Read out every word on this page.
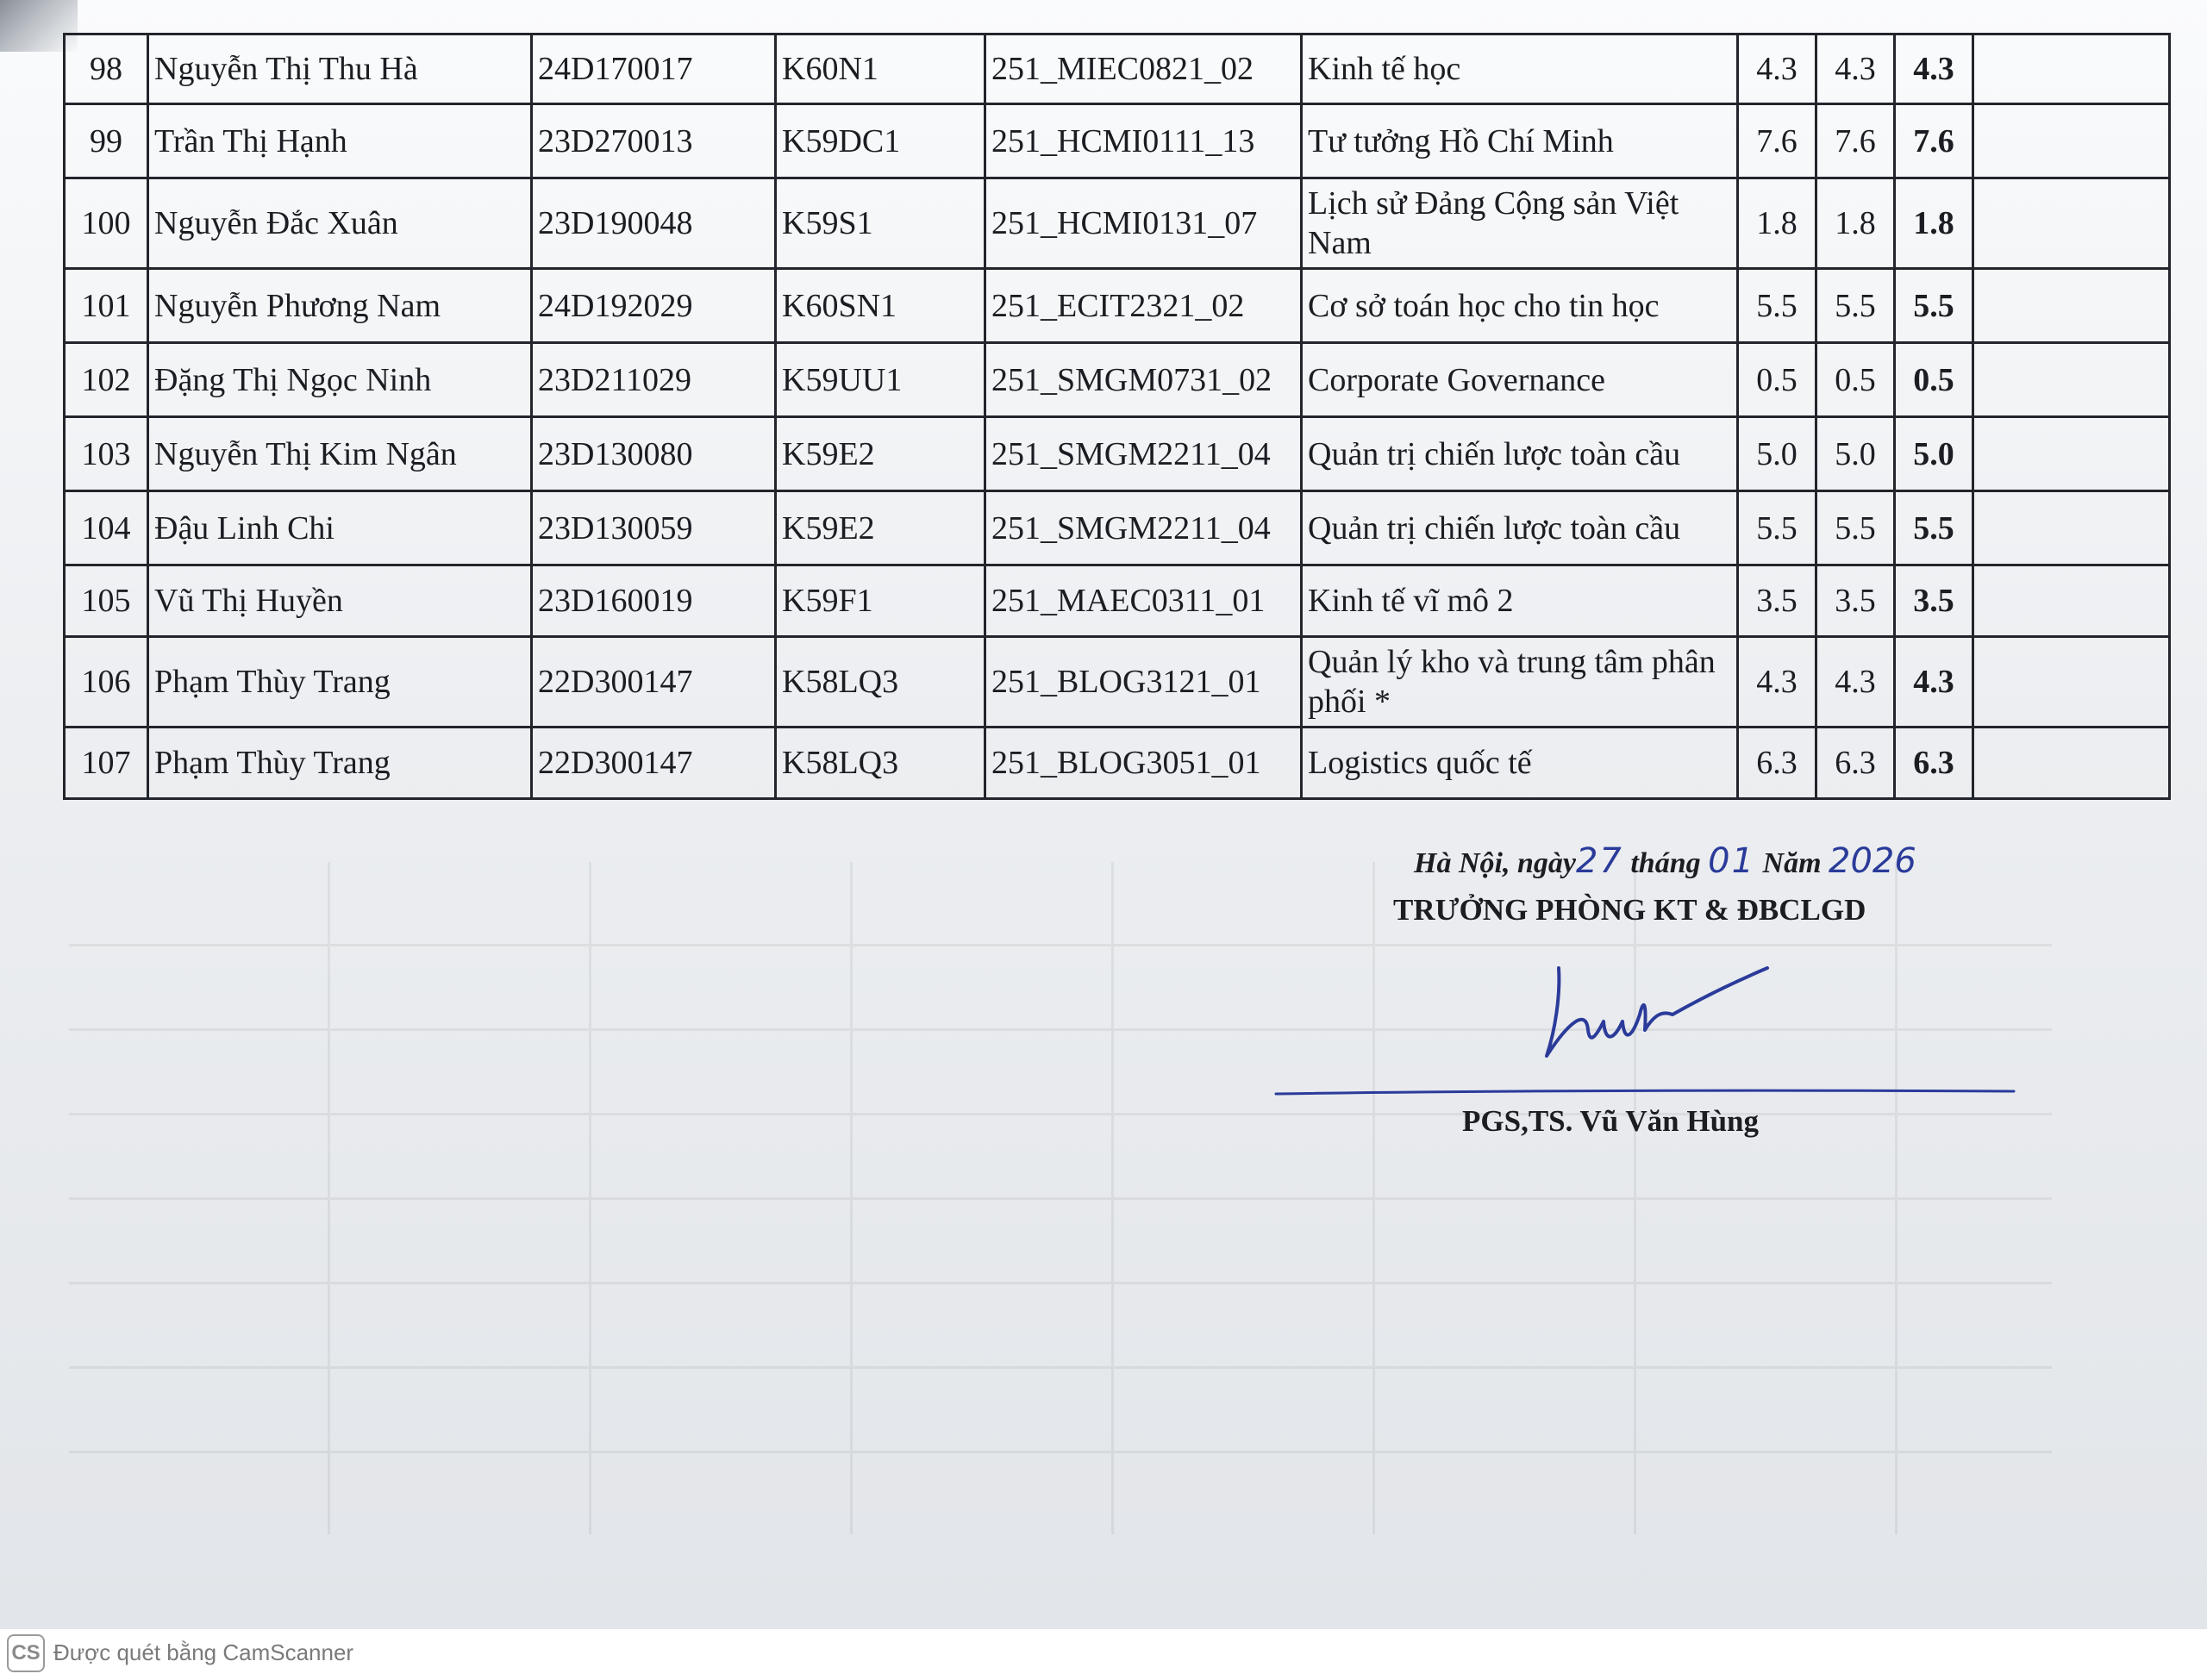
98	Nguyễn Thị Thu Hà	24D170017	K60N1	251_MIEC0821_02	Kinh tế học	4.3	4.3	4.3	
99	Trần Thị Hạnh	23D270013	K59DC1	251_HCMI0111_13	Tư tưởng Hồ Chí Minh	7.6	7.6	7.6	
100	Nguyễn Đắc Xuân	23D190048	K59S1	251_HCMI0131_07	Lịch sử Đảng Cộng sản Việt Nam	1.8	1.8	1.8	
101	Nguyễn Phương Nam	24D192029	K60SN1	251_ECIT2321_02	Cơ sở toán học cho tin học	5.5	5.5	5.5	
102	Đặng Thị Ngọc Ninh	23D211029	K59UU1	251_SMGM0731_02	Corporate Governance	0.5	0.5	0.5	
103	Nguyễn Thị Kim Ngân	23D130080	K59E2	251_SMGM2211_04	Quản trị chiến lược toàn cầu	5.0	5.0	5.0	
104	Đậu Linh Chi	23D130059	K59E2	251_SMGM2211_04	Quản trị chiến lược toàn cầu	5.5	5.5	5.5	
105	Vũ Thị Huyền	23D160019	K59F1	251_MAEC0311_01	Kinh tế vĩ mô 2	3.5	3.5	3.5	
106	Phạm Thùy Trang	22D300147	K58LQ3	251_BLOG3121_01	Quản lý kho và trung tâm phân phối *	4.3	4.3	4.3	
107	Phạm Thùy Trang	22D300147	K58LQ3	251_BLOG3051_01	Logistics quốc tế	6.3	6.3	6.3	
Hà Nội, ngày27 tháng 01 Năm 2026
TRƯỞNG PHÒNG KT & ĐBCLGD
PGS,TS. Vũ Văn Hùng
CS Được quét bằng CamScanner
